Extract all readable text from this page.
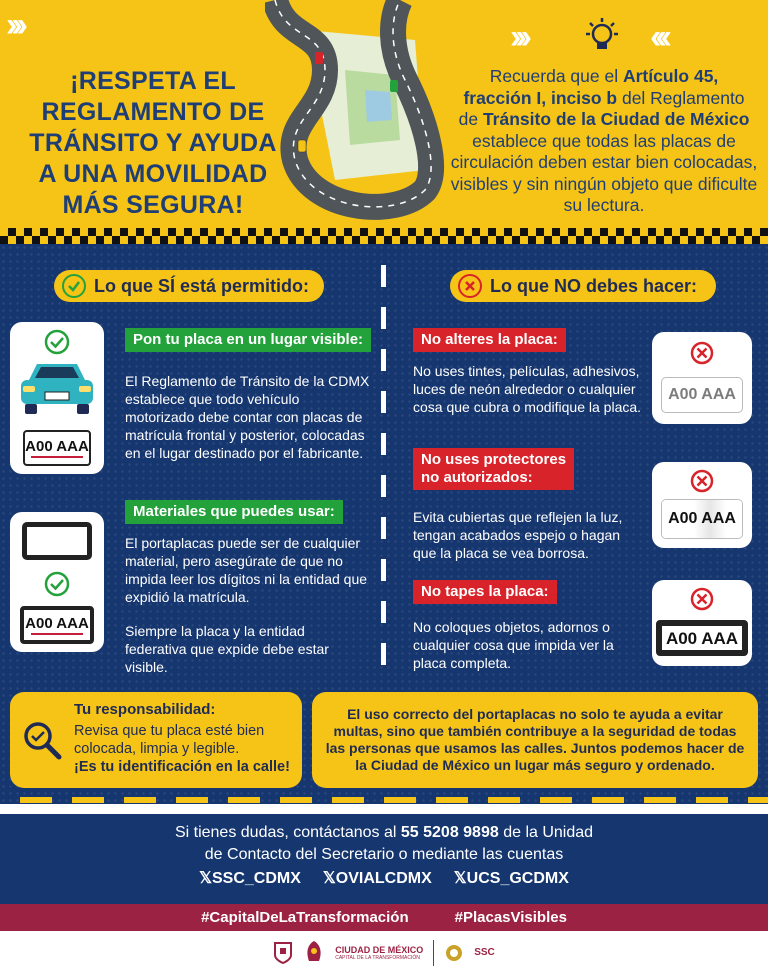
›››	›››	‹‹‹
¡RESPETA EL
REGLAMENTO DE
TRÁNSITO Y AYUDA
A UNA MOVILIDAD
MÁS SEGURA!
Recuerda que el Artículo 45,
fracción I, inciso b del Reglamento
de Tránsito de la Ciudad de México
establece que todas las placas de circulación deben estar bien colocadas, visibles y sin ningún objeto que dificulte su lectura.
Lo que SÍ está permitido:	Lo que NO debes hacer:
A00 AAA
Pon tu placa en un lugar visible:
El Reglamento de Tránsito de la CDMX establece que todo vehículo motorizado debe contar con placas de matrícula frontal y posterior, colocadas en el lugar destinado por el fabricante.
A00 AAA
Materiales que puedes usar:
El portaplacas puede ser de cualquier material, pero asegúrate de que no impida leer los dígitos ni la entidad que expidió la matrícula.
Siempre la placa y la entidad federativa que expide debe estar visible.
No alteres la placa:
No uses tintes, películas, adhesivos, luces de neón alrededor o cualquier cosa que cubra o modifique la placa.
No uses protectores
no autorizados:
Evita cubiertas que reflejen la luz, tengan acabados espejo o hagan que la placa se vea borrosa.
No tapes la placa:
No coloques objetos, adornos o cualquier cosa que impida ver la placa completa.
A00 AAA
A00 AAA
A00 AAA
Tu responsabilidad:
Revisa que tu placa esté bien colocada, limpia y legible.
¡Es tu identificación en la calle!
El uso correcto del portaplacas no solo te ayuda a evitar multas, sino que también contribuye a la seguridad de todas las personas que usamos las calles. Juntos podemos hacer de la Ciudad de México un lugar más seguro y ordenado.
Si tienes dudas, contáctanos al 55 5208 9898 de la Unidad
de Contacto del Secretario o mediante las cuentas
𝕏SSC_CDMX 𝕏OVIALCDMX 𝕏UCS_GCDMX
#CapitalDeLaTransformación	#PlacasVisibles
CIUDAD DE MÉXICO
CAPITAL DE LA TRANSFORMACIÓN	SSC
